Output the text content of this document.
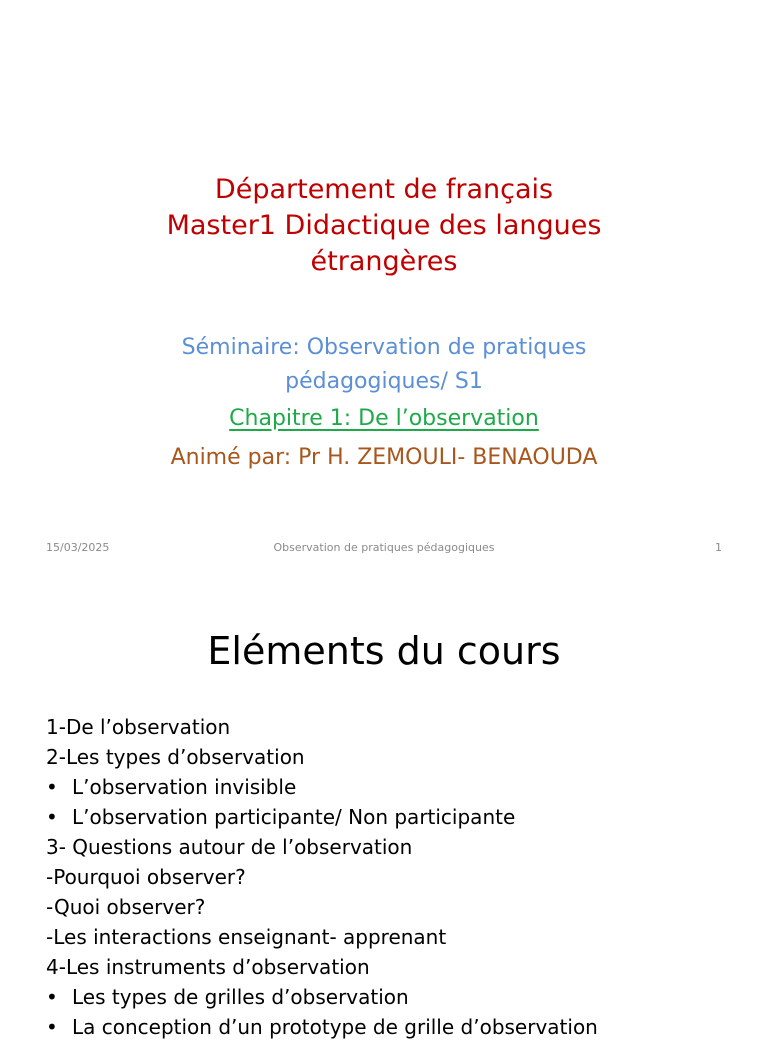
Département de français
Master1 Didactique des langues
étrangères
Séminaire: Observation de pratiques
pédagogiques/ S1
Chapitre 1: De l’observation
Animé par: Pr H. ZEMOULI- BENAOUDA
15/03/2025	Observation de pratiques pédagogiques	1
Eléments du cours
1-De l’observation
2-Les types d’observation
• L’observation invisible
• L’observation participante/ Non participante
3- Questions autour de l’observation
-Pourquoi observer?
-Quoi observer?
-Les interactions enseignant- apprenant
4-Les instruments d’observation
• Les types de grilles d’observation
• La conception d’un prototype de grille d’observation
